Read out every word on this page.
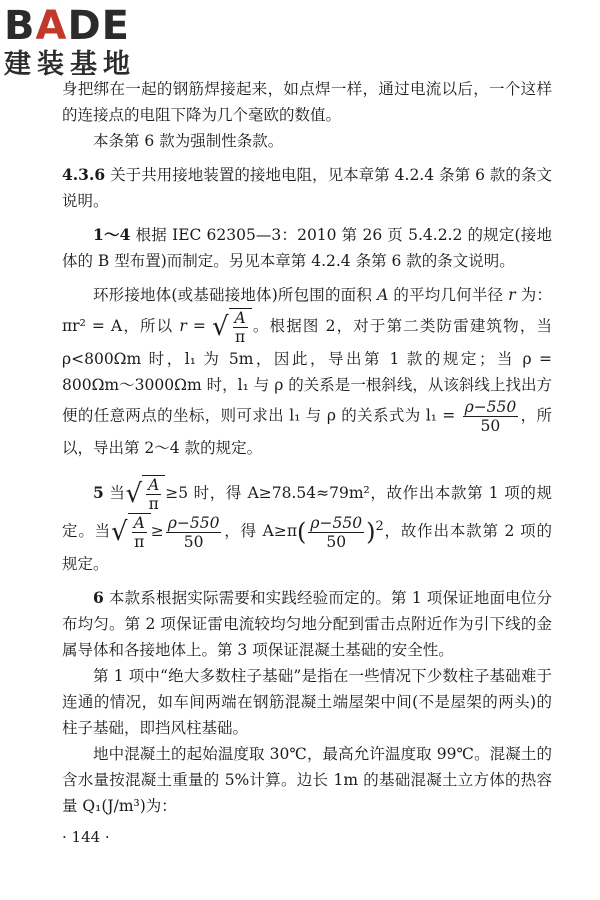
BADE
建装基地

身把绑在一起的钢筋焊接起来，如点焊一样，通过电流以后，一个这样的连接点的电阻下降为几个毫欧的数值。

本条第 6 款为强制性条款。

4.3.6 关于共用接地装置的接地电阻，见本章第 4.2.4 条第 6 款的条文说明。

1～4 根据 IEC 62305—3：2010 第 26 页 5.4.2.2 的规定(接地体的 B 型布置)而制定。另见本章第 4.2.4 条第 6 款的条文说明。

环形接地体(或基础接地体)所包围的面积 A 的平均几何半径 r 为：πr² = A，所以 r = √ $\frac{A}{\pi}$ 。根据图 2，对于第二类防雷建筑物，当 ρ<800Ωm 时，l₁ 为 5m，因此，导出第 1 款的规定；当 ρ = 800Ωm～3000Ωm 时，l₁ 与 ρ 的关系是一根斜线，从该斜线上找出方便的任意两点的坐标，则可求出 l₁ 与 ρ 的关系式为 $l_1 = \frac{\rho-550}{50}$ ，所以，导出第 2～4 款的规定。

5 当√ $\frac{A}{\pi} \ge 5$ 时，得 A≥78.54≈79m²，故作出本款第 1 项的规定。当√ $\frac{A}{\pi} \ge \frac{\rho-550}{50}$ ，得 $A\ge\pi( \frac{\rho-550}{50} )^2$，故作出本款第 2 项的规定。

6 本款系根据实际需要和实践经验而定的。第 1 项保证地面电位分布均匀。第 2 项保证雷电流较均匀地分配到雷击点附近作为引下线的金属导体和各接地体上。第 3 项保证混凝土基础的安全性。

第 1 项中“绝大多数柱子基础”是指在一些情况下少数柱子基础难于连通的情况，如车间两端在钢筋混凝土端屋架中间(不是屋架的两头)的柱子基础，即挡风柱基础。

地中混凝土的起始温度取 30℃，最高允许温度取 99℃。混凝土的含水量按混凝土重量的 5%计算。边长 1m 的基础混凝土立方体的热容量 Q₁(J/m³)为：

· 144 ·
